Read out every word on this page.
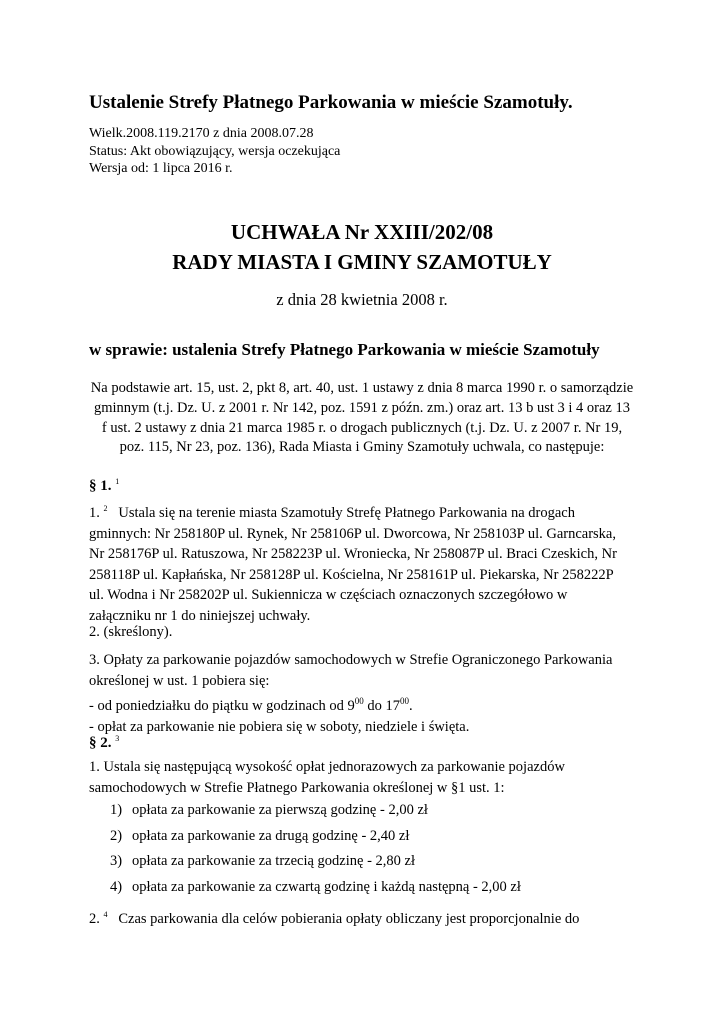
Ustalenie Strefy Płatnego Parkowania w mieście Szamotuły.
Wielk.2008.119.2170 z dnia 2008.07.28
Status: Akt obowiązujący, wersja oczekująca
Wersja od: 1 lipca 2016 r.
UCHWAŁA Nr XXIII/202/08
RADY MIASTA I GMINY SZAMOTUŁY
z dnia 28 kwietnia 2008 r.
w sprawie: ustalenia Strefy Płatnego Parkowania w mieście Szamotuły
Na podstawie art. 15, ust. 2, pkt 8, art. 40, ust. 1 ustawy z dnia 8 marca 1990 r. o samorządzie
gminnym (t.j. Dz. U. z 2001 r. Nr 142, poz. 1591 z późn. zm.) oraz art. 13 b ust 3 i 4 oraz 13
f ust. 2 ustawy z dnia 21 marca 1985 r. o drogach publicznych (t.j. Dz. U. z 2007 r. Nr 19,
poz. 115, Nr 23, poz. 136), Rada Miasta i Gminy Szamotuły uchwala, co następuje:
§ 1. $^1$
1. $^2$ Ustala się na terenie miasta Szamotuły Strefę Płatnego Parkowania na drogach
gminnych: Nr 258180P ul. Rynek, Nr 258106P ul. Dworcowa, Nr 258103P ul. Garncarska,
Nr 258176P ul. Ratuszowa, Nr 258223P ul. Wroniecka, Nr 258087P ul. Braci Czeskich, Nr
258118P ul. Kapłańska, Nr 258128P ul. Kościelna, Nr 258161P ul. Piekarska, Nr 258222P
ul. Wodna i Nr 258202P ul. Sukiennicza w częściach oznaczonych szczegółowo w
załączniku nr 1 do niniejszej uchwały.
2. (skreślony).
3. Opłaty za parkowanie pojazdów samochodowych w Strefie Ograniczonego Parkowania
określonej w ust. 1 pobiera się:
- od poniedziałku do piątku w godzinach od $9^{00}$ do $17^{00}$.
- opłat za parkowanie nie pobiera się w soboty, niedziele i święta.
§ 2. $^3$
1. Ustala się następującą wysokość opłat jednorazowych za parkowanie pojazdów
samochodowych w Strefie Płatnego Parkowania określonej w §1 ust. 1:
1) opłata za parkowanie za pierwszą godzinę - 2,00 zł
2) opłata za parkowanie za drugą godzinę - 2,40 zł
3) opłata za parkowanie za trzecią godzinę - 2,80 zł
4) opłata za parkowanie za czwartą godzinę i każdą następną - 2,00 zł
2. $^4$ Czas parkowania dla celów pobierania opłaty obliczany jest proporcjonalnie do
